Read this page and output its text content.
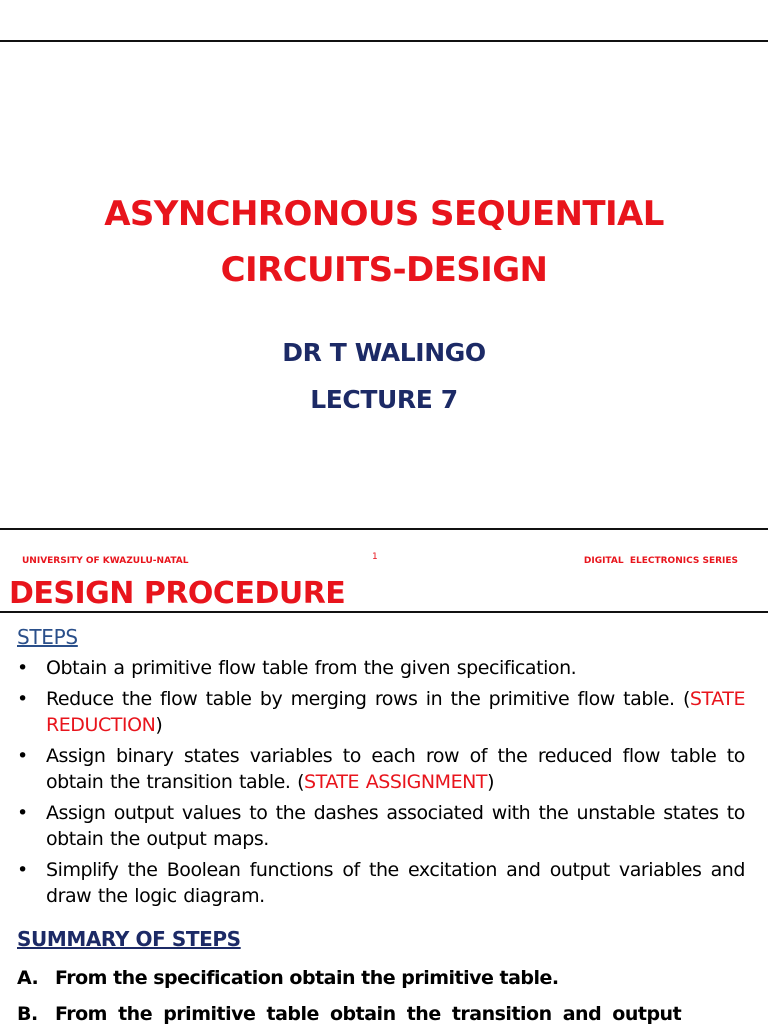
ASYNCHRONOUS SEQUENTIAL
CIRCUITS-DESIGN
DR T WALINGO
LECTURE 7
UNIVERSITY OF KWAZULU-NATAL	1	DIGITAL  ELECTRONICS SERIES
DESIGN PROCEDURE
STEPS
• Obtain a primitive flow table from the given specification.
• Reduce the flow table by merging rows in the primitive flow table. (STATE REDUCTION)
• Assign binary states variables to each row of the reduced flow table to obtain the transition table. (STATE ASSIGNMENT)
• Assign output values to the dashes associated with the unstable states to obtain the output maps.
• Simplify the Boolean functions of the excitation and output variables and draw the logic diagram.
SUMMARY OF STEPS
A. From the specification obtain the primitive table.
B. From the primitive table obtain the transition and output
